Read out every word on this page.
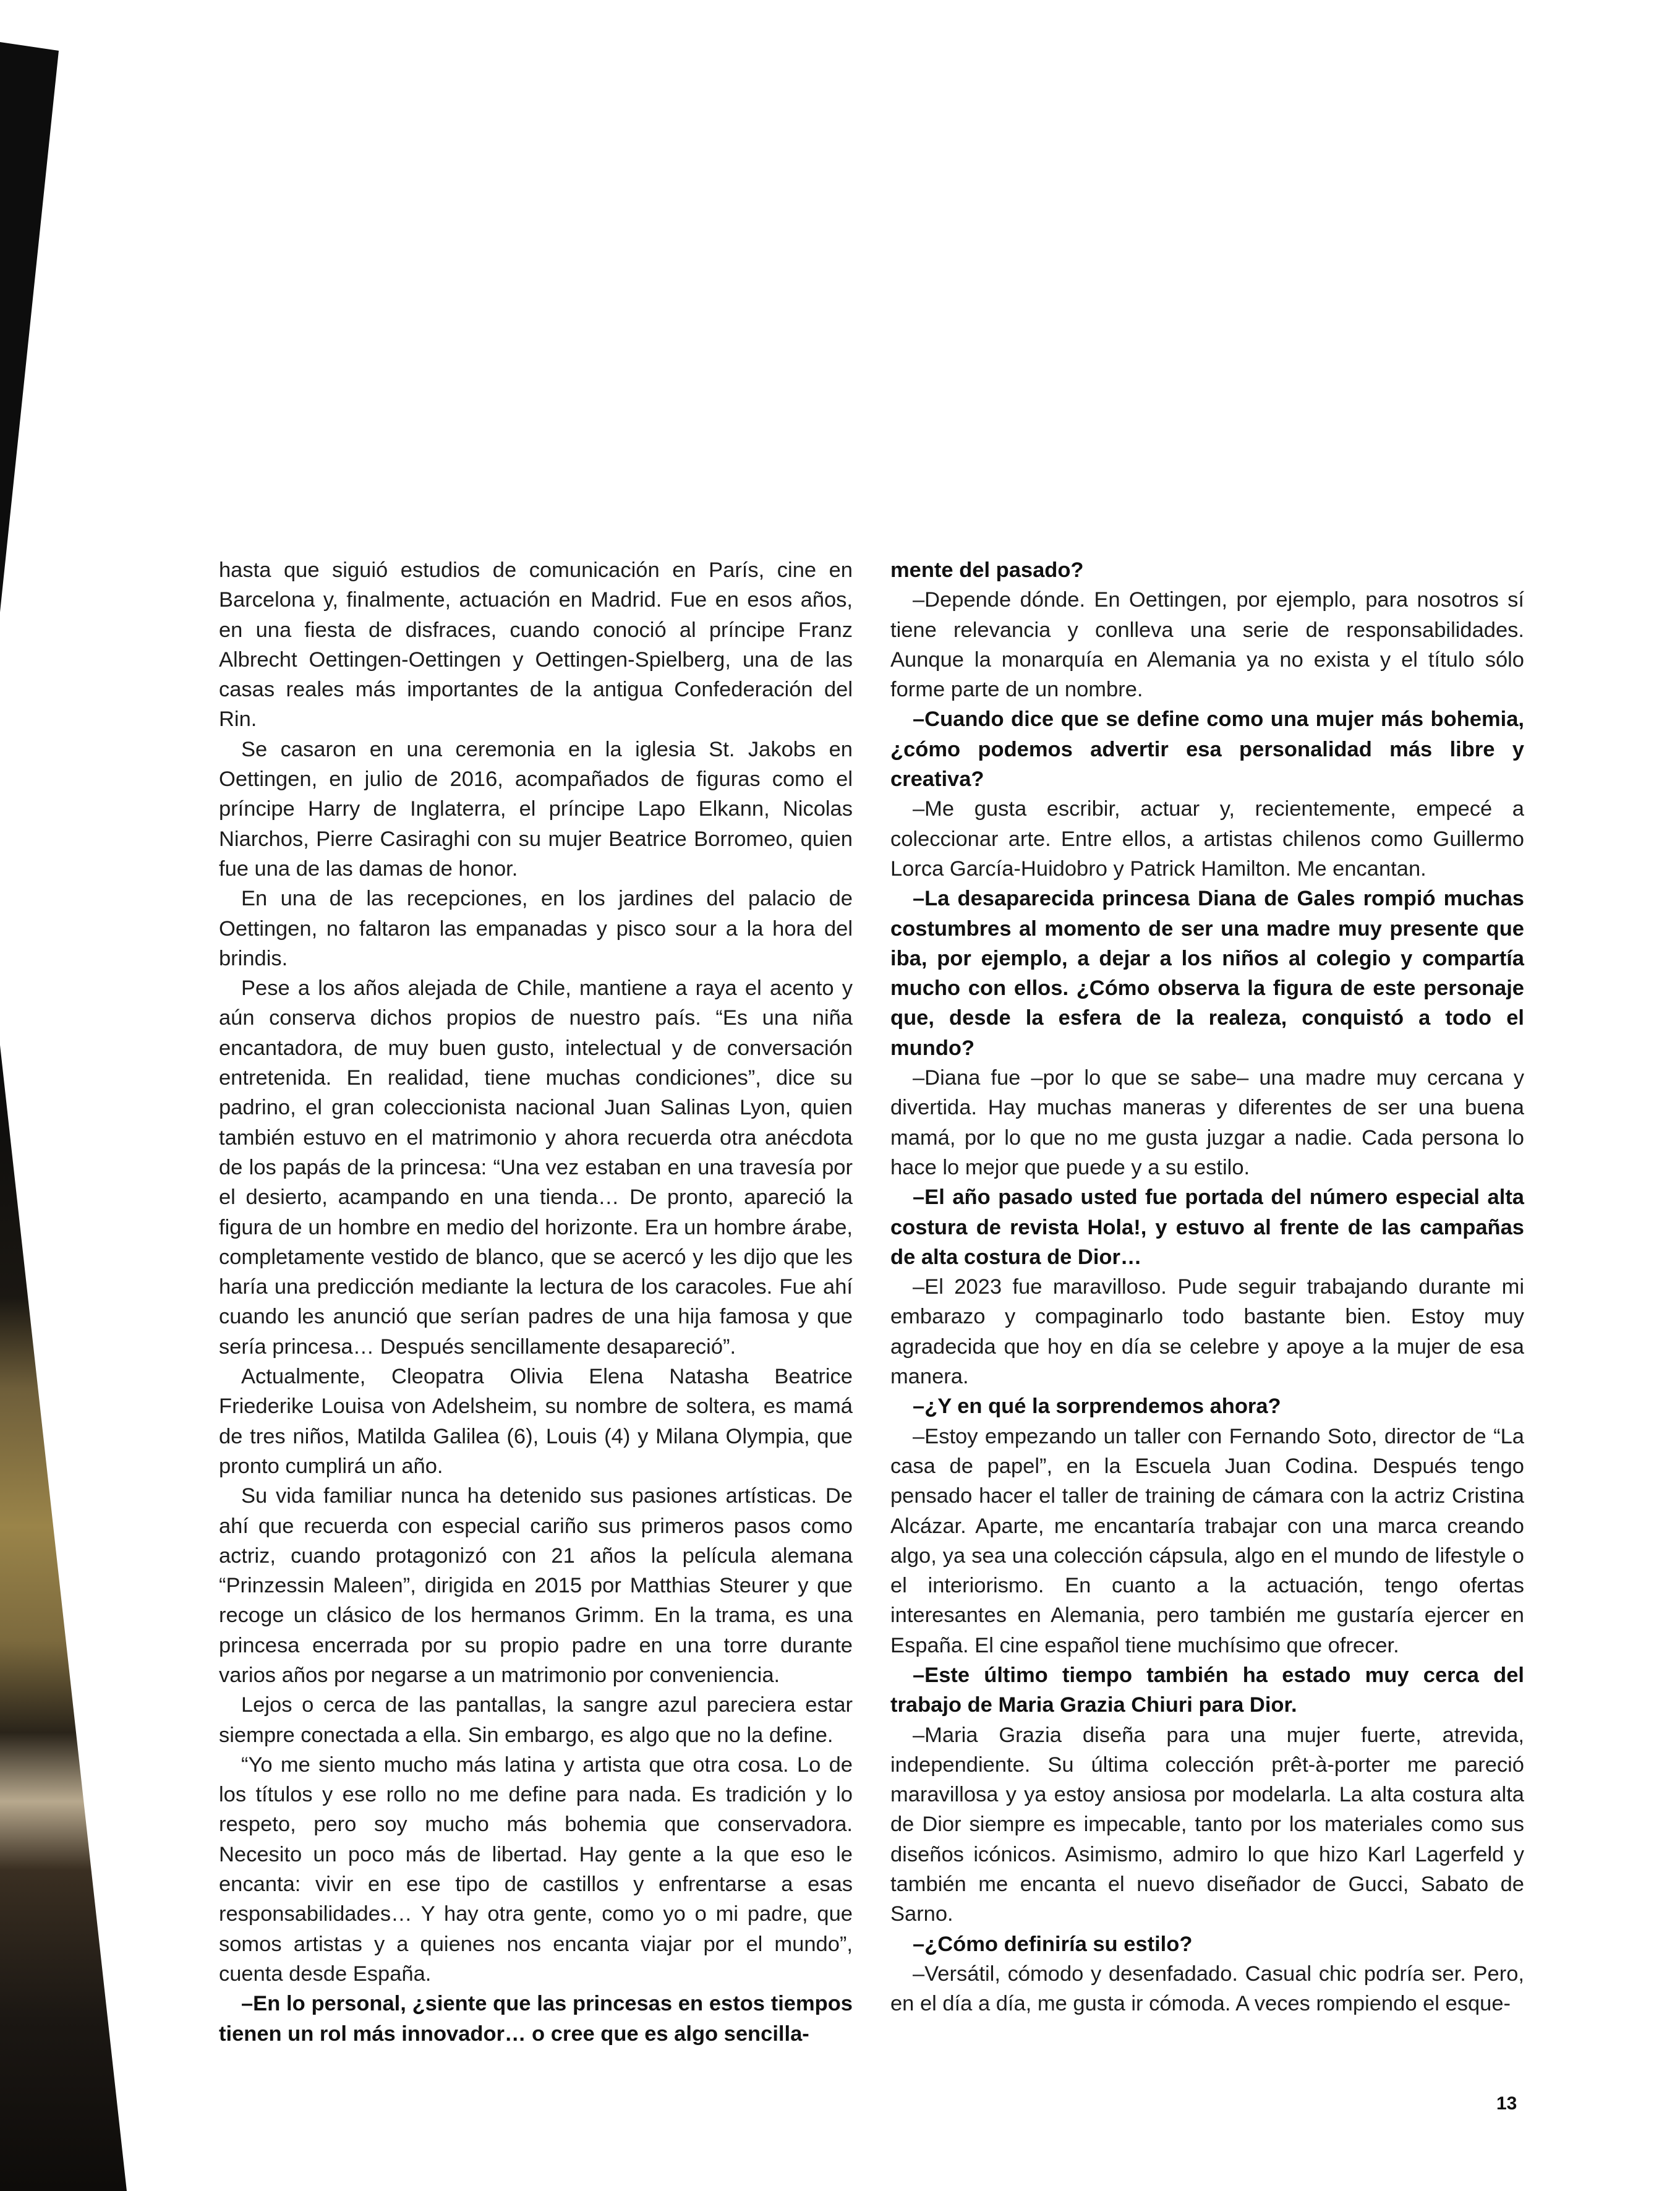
hasta que siguió estudios de comunicación en París, cine en Barcelona y, finalmente, actuación en Madrid. Fue en esos años, en una fiesta de disfraces, cuando conoció al príncipe Franz Albrecht Oettingen-Oettingen y Oettingen-Spielberg, una de las casas reales más importantes de la antigua Confederación del Rin.

Se casaron en una ceremonia en la iglesia St. Jakobs en Oettingen, en julio de 2016, acompañados de figuras como el príncipe Harry de Inglaterra, el príncipe Lapo Elkann, Nicolas Niarchos, Pierre Casiraghi con su mujer Beatrice Borromeo, quien fue una de las damas de honor.

En una de las recepciones, en los jardines del palacio de Oettingen, no faltaron las empanadas y pisco sour a la hora del brindis.

Pese a los años alejada de Chile, mantiene a raya el acento y aún conserva dichos propios de nuestro país. “Es una niña encantadora, de muy buen gusto, intelectual y de conversación entretenida. En realidad, tiene muchas condiciones”, dice su padrino, el gran coleccionista nacional Juan Salinas Lyon, quien también estuvo en el matrimonio y ahora recuerda otra anécdota de los papás de la princesa: “Una vez estaban en una travesía por el desierto, acampando en una tienda… De pronto, apareció la figura de un hombre en medio del horizonte. Era un hombre árabe, completamente vestido de blanco, que se acercó y les dijo que les haría una predicción mediante la lectura de los caracoles. Fue ahí cuando les anunció que serían padres de una hija famosa y que sería princesa… Después sencillamente desapareció”.

Actualmente, Cleopatra Olivia Elena Natasha Beatrice Friederike Louisa von Adelsheim, su nombre de soltera, es mamá de tres niños, Matilda Galilea (6), Louis (4) y Milana Olympia, que pronto cumplirá un año.

Su vida familiar nunca ha detenido sus pasiones artísticas. De ahí que recuerda con especial cariño sus primeros pasos como actriz, cuando protagonizó con 21 años la película alemana “Prinzessin Maleen”, dirigida en 2015 por Matthias Steurer y que recoge un clásico de los hermanos Grimm. En la trama, es una princesa encerrada por su propio padre en una torre durante varios años por negarse a un matrimonio por conveniencia.

Lejos o cerca de las pantallas, la sangre azul pareciera estar siempre conectada a ella. Sin embargo, es algo que no la define.

“Yo me siento mucho más latina y artista que otra cosa. Lo de los títulos y ese rollo no me define para nada. Es tradición y lo respeto, pero soy mucho más bohemia que conservadora. Necesito un poco más de libertad. Hay gente a la que eso le encanta: vivir en ese tipo de castillos y enfrentarse a esas responsabilidades… Y hay otra gente, como yo o mi padre, que somos artistas y a quienes nos encanta viajar por el mundo”, cuenta desde España.

–En lo personal, ¿siente que las princesas en estos tiempos tienen un rol más innovador… o cree que es algo sencilla-

mente del pasado?

–Depende dónde. En Oettingen, por ejemplo, para nosotros sí tiene relevancia y conlleva una serie de responsabilidades. Aunque la monarquía en Alemania ya no exista y el título sólo forme parte de un nombre.

–Cuando dice que se define como una mujer más bohemia, ¿cómo podemos advertir esa personalidad más libre y creativa?

–Me gusta escribir, actuar y, recientemente, empecé a coleccionar arte. Entre ellos, a artistas chilenos como Guillermo Lorca García-Huidobro y Patrick Hamilton. Me encantan.

–La desaparecida princesa Diana de Gales rompió muchas costumbres al momento de ser una madre muy presente que iba, por ejemplo, a dejar a los niños al colegio y compartía mucho con ellos. ¿Cómo observa la figura de este personaje que, desde la esfera de la realeza, conquistó a todo el mundo?

–Diana fue –por lo que se sabe– una madre muy cercana y divertida. Hay muchas maneras y diferentes de ser una buena mamá, por lo que no me gusta juzgar a nadie. Cada persona lo hace lo mejor que puede y a su estilo.

–El año pasado usted fue portada del número especial alta costura de revista Hola!, y estuvo al frente de las campañas de alta costura de Dior…

–El 2023 fue maravilloso. Pude seguir trabajando durante mi embarazo y compaginarlo todo bastante bien. Estoy muy agradecida que hoy en día se celebre y apoye a la mujer de esa manera.

–¿Y en qué la sorprendemos ahora?

–Estoy empezando un taller con Fernando Soto, director de “La casa de papel”, en la Escuela Juan Codina. Después tengo pensado hacer el taller de training de cámara con la actriz Cristina Alcázar. Aparte, me encantaría trabajar con una marca creando algo, ya sea una colección cápsula, algo en el mundo de lifestyle o el interiorismo. En cuanto a la actuación, tengo ofertas interesantes en Alemania, pero también me gustaría ejercer en España. El cine español tiene muchísimo que ofrecer.

–Este último tiempo también ha estado muy cerca del trabajo de Maria Grazia Chiuri para Dior.

–Maria Grazia diseña para una mujer fuerte, atrevida, independiente. Su última colección prêt-à-porter me pareció maravillosa y ya estoy ansiosa por modelarla. La alta costura alta de Dior siempre es impecable, tanto por los materiales como sus diseños icónicos. Asimismo, admiro lo que hizo Karl Lagerfeld y también me encanta el nuevo diseñador de Gucci, Sabato de Sarno.

–¿Cómo definiría su estilo?

–Versátil, cómodo y desenfadado. Casual chic podría ser. Pero, en el día a día, me gusta ir cómoda. A veces rompiendo el esque-

13
